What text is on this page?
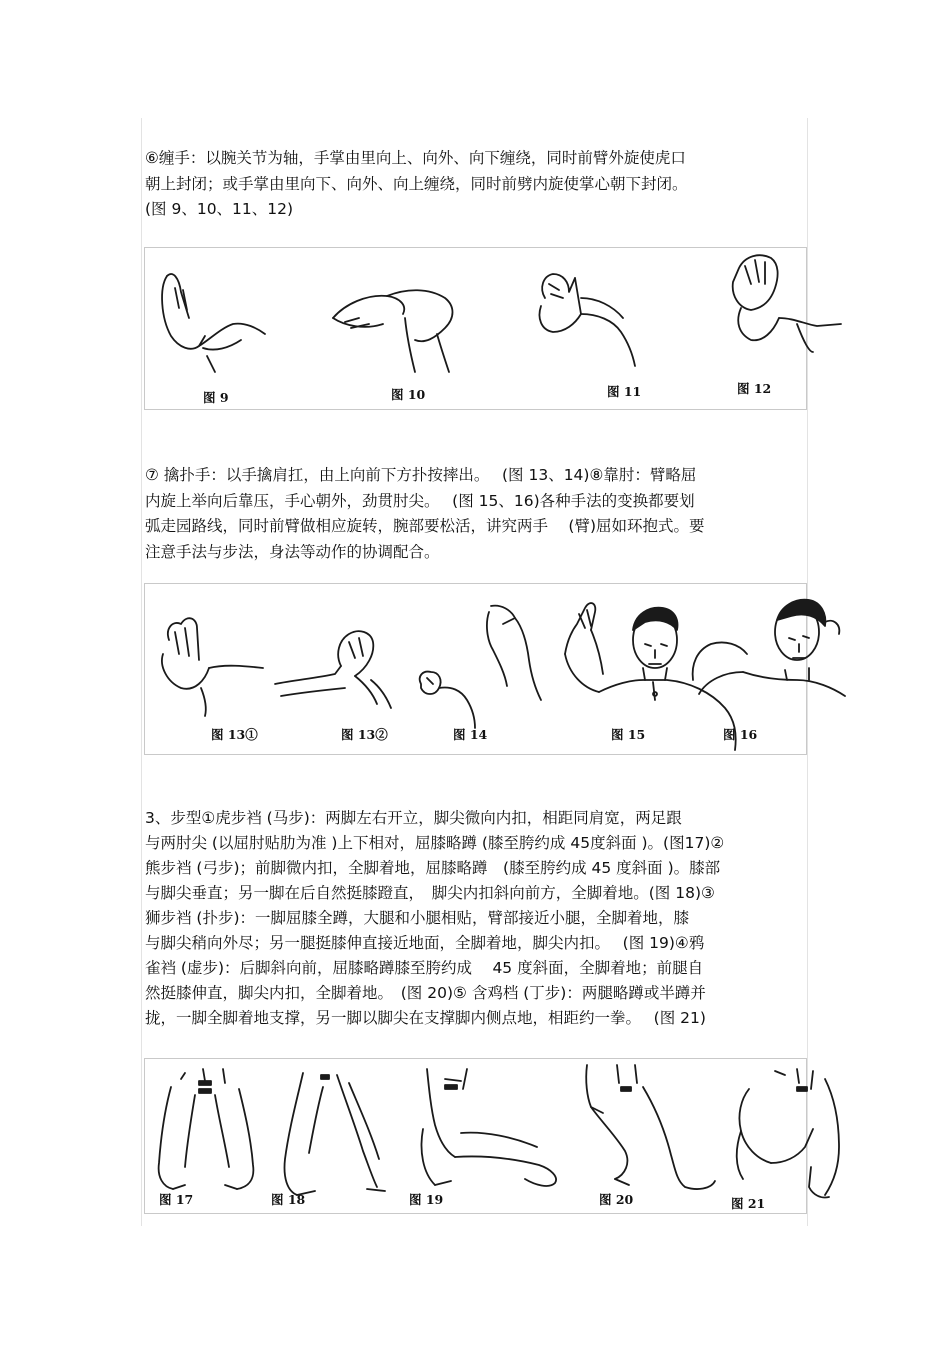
⑥缠手：以腕关节为轴，手掌由里向上、向外、向下缠绕，同时前臂外旋使虎口
朝上封闭；或手掌由里向下、向外、向上缠绕，同时前劈内旋使掌心朝下封闭。
(图 9、10、11、12)

图 9	图 10	图 11	图 12

⑦ 擒扑手：以手擒肩扛，由上向前下方扑按摔出。　 (图 13、14)⑧靠肘：臂略屈
内旋上举向后靠压，手心朝外，劲贯肘尖。　 (图 15、16)各种手法的变换都要划
弧走园路线，同时前臂做相应旋转，腕部要松活，讲究两手　 (臂)屈如环抱式。要
注意手法与步法，身法等动作的协调配合。

图 13①	图 13②	图 14	图 15	图 16

3、步型①虎步裆 (马步)：两脚左右开立，脚尖微向内扣，相距同肩宽，两足跟
与两肘尖 (以屈肘贴肋为准 )上下相对，屈膝略蹲 (膝至胯约成 45度斜面 )。(图17)②
熊步裆 (弓步)；前脚微内扣，全脚着地，屈膝略蹲　(膝至胯约成 45 度斜面 )。膝部
与脚尖垂直；另一脚在后自然挺膝蹬直，　脚尖内扣斜向前方，全脚着地。(图 18)③
狮步裆 (扑步)：一脚屈膝全蹲，大腿和小腿相贴，臂部接近小腿，全脚着地，膝
与脚尖稍向外尽；另一腿挺膝伸直接近地面，全脚着地，脚尖内扣。　 (图 19)④鸦
雀裆 (虚步)：后脚斜向前，屈膝略蹲膝至胯约成　 45 度斜面，全脚着地；前腿自
然挺膝伸直，脚尖内扣，全脚着地。　(图 20)⑤ 含鸡档 (丁步)：两腿略蹲或半蹲并
拢，一脚全脚着地支撑，另一脚以脚尖在支撑脚内侧点地，相距约一拳。　 (图 21)

图 17	图 18	图 19	图 20	图 21
